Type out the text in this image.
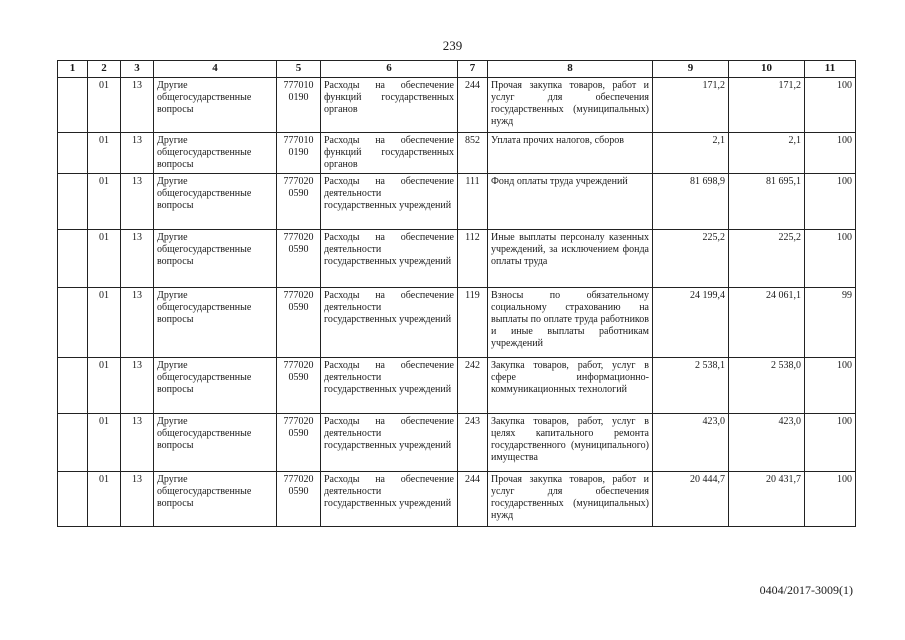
239
1	2	3	4	5	6	7	8	9	10	11
	01	13	Другие общегосударственные вопросы	777010 0190	Расходы на обеспечение функций государственных органов	244	Прочая закупка товаров, работ и услуг для обеспечения государственных (муниципальных) нужд	171,2	171,2	100
	01	13	Другие общегосударственные вопросы	777010 0190	Расходы на обеспечение функций государственных органов	852	Уплата прочих налогов, сборов	2,1	2,1	100
	01	13	Другие общегосударственные вопросы	777020 0590	Расходы на обеспечение деятельности государственных учреждений	111	Фонд оплаты труда учреждений	81 698,9	81 695,1	100
	01	13	Другие общегосударственные вопросы	777020 0590	Расходы на обеспечение деятельности государственных учреждений	112	Иные выплаты персоналу казенных учреждений, за исключением фонда оплаты труда	225,2	225,2	100
	01	13	Другие общегосударственные вопросы	777020 0590	Расходы на обеспечение деятельности государственных учреждений	119	Взносы по обязательному социальному страхованию на выплаты по оплате труда работников и иные выплаты работникам учреждений	24 199,4	24 061,1	99
	01	13	Другие общегосударственные вопросы	777020 0590	Расходы на обеспечение деятельности государственных учреждений	242	Закупка товаров, работ, услуг в сфере информационно-коммуникационных технологий	2 538,1	2 538,0	100
	01	13	Другие общегосударственные вопросы	777020 0590	Расходы на обеспечение деятельности государственных учреждений	243	Закупка товаров, работ, услуг в целях капитального ремонта государственного (муниципального) имущества	423,0	423,0	100
	01	13	Другие общегосударственные вопросы	777020 0590	Расходы на обеспечение деятельности государственных учреждений	244	Прочая закупка товаров, работ и услуг для обеспечения государственных (муниципальных) нужд	20 444,7	20 431,7	100
0404/2017-3009(1)
